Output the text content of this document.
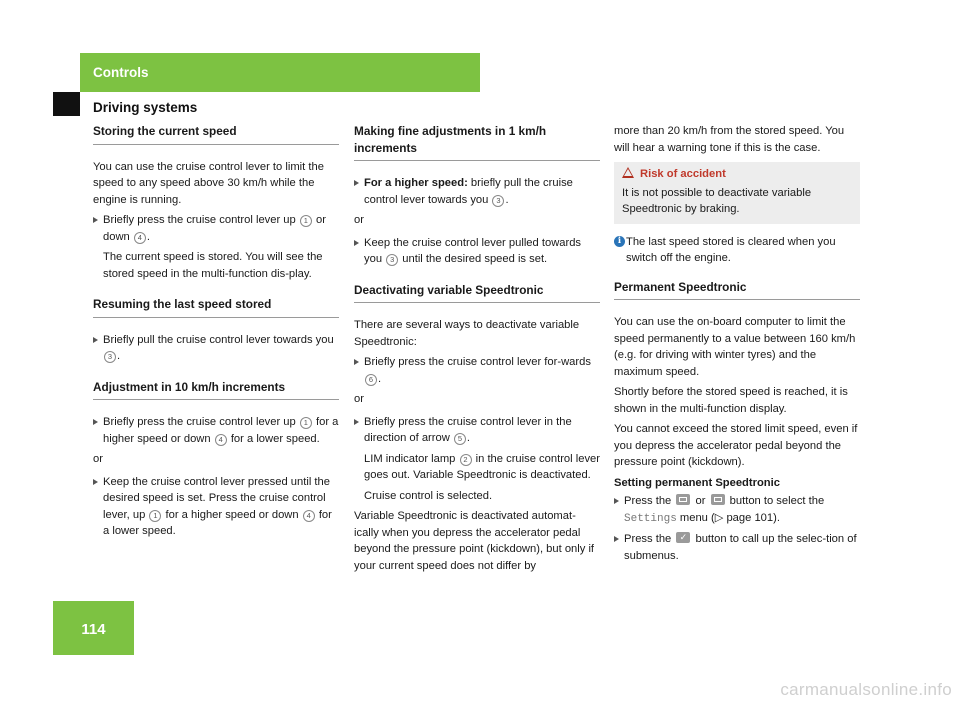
Controls
Driving systems
Storing the current speed

You can use the cruise control lever to limit the speed to any speed above 30 km/h while the engine is running.

Briefly press the cruise control lever up 1 or down 4 .

The current speed is stored. You will see the stored speed in the multi-function dis-play.

Resuming the last speed stored
Briefly pull the cruise control lever towards you 3 .
Adjustment in 10 km/h increments
Briefly press the cruise control lever up 1 for a higher speed or down 4 for a lower speed.

or

Keep the cruise control lever pressed until the desired speed is set. Press the cruise control lever, up 1 for a higher speed or down 4 for a lower speed.
Making fine adjustments in 1 km/h increments
For a higher speed: briefly pull the cruise control lever towards you 3 .

or

Keep the cruise control lever pulled towards you 3 until the desired speed is set.
Deactivating variable Speedtronic

There are several ways to deactivate variable Speedtronic:

Briefly press the cruise control lever for-wards 6 .

or

Briefly press the cruise control lever in the direction of arrow 5 .

LIM indicator lamp 2 in the cruise control lever goes out. Variable Speedtronic is deactivated.

Cruise control is selected.

Variable Speedtronic is deactivated automat-ically when you depress the accelerator pedal beyond the pressure point (kickdown), but only if your current speed does not differ by

more than 20 km/h from the stored speed. You will hear a warning tone if this is the case.

Risk of accident
It is not possible to deactivate variable Speedtronic by braking.
i The last speed stored is cleared when you switch off the engine.
Permanent Speedtronic

You can use the on-board computer to limit the speed permanently to a value between 160 km/h (e.g. for driving with winter tyres) and the maximum speed.

Shortly before the stored speed is reached, it is shown in the multi-function display.

You cannot exceed the stored limit speed, even if you depress the accelerator pedal beyond the pressure point (kickdown).

Setting permanent Speedtronic
Press the  or  button to select the Settings menu (▷ page 101).
Press the ✓ button to call up the selec-tion of submenus.
114
carmanualsonline.info
